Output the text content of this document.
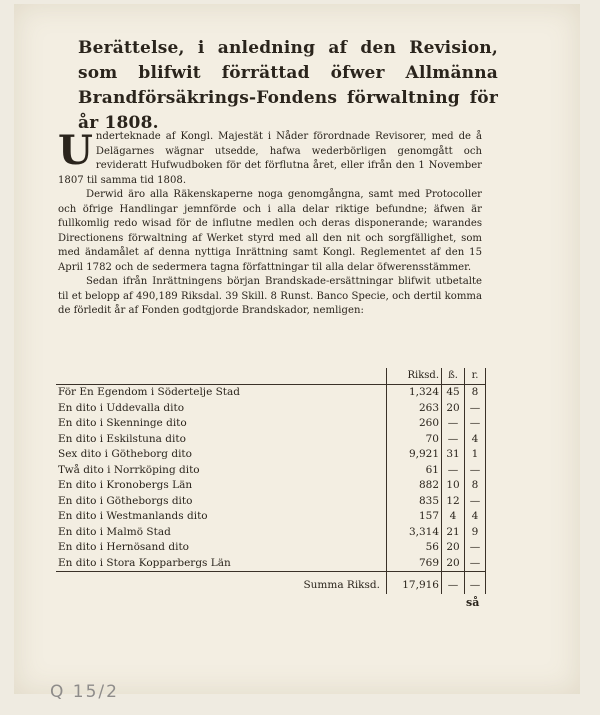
Berättelse, i anledning af den Revision, som blifwit förrättad öfwer Allmänna Brandförsäkrings-Fondens förwaltning för år 1808.

Underteknade af Kongl. Majestät i Nåder förordnade Revisorer, med de å Delägarnes wägnar utsedde, hafwa wederbörligen genomgått och revideratt Hufwudboken för det förflutna året, eller ifrån den 1 November 1807 til samma tid 1808.

Derwid äro alla Räkenskaperne noga genomgångna, samt med Protocoller och öfrige Handlingar jemnförde och i alla delar riktige befundne; äfwen är fullkomlig redo wisad för de influtne medlen och deras disponerande; warandes Directionens förwaltning af Werket styrd med all den nit och sorgfällighet, som med ändamålet af denna nyttiga Inrättning samt Kongl. Reglementet af den 15 April 1782 och de sedermera tagna författningar til alla delar öfwerensstämmer.

Sedan ifrån Inrättningens början Brandskade-ersättningar blifwit utbetalte til et belopp af 490,189 Riksdal. 39 Skill. 8 Runst. Banco Specie, och dertil komma de förledit år af Fonden godtgjorde Brandskador, nemligen:

	Riksd.	ß.	r.
För En Egendom i Södertelje Stad	1,324	45	8
En dito i Uddevalla dito	263	20	—
En dito i Skenninge dito	260	—	—
En dito i Eskilstuna dito	70	—	4
Sex dito i Götheborg dito	9,921	31	1
Twå dito i Norrköping dito	61	—	—
En dito i Kronobergs Län	882	10	8
En dito i Götheborgs dito	835	12	—
En dito i Westmanlands dito	157	4	4
En dito i Malmö Stad	3,314	21	9
En dito i Hernösand dito	56	20	—
En dito i Stora Kopparbergs Län	769	20	—
Summa Riksd.	17,916	—	—
så
Q 15/2
